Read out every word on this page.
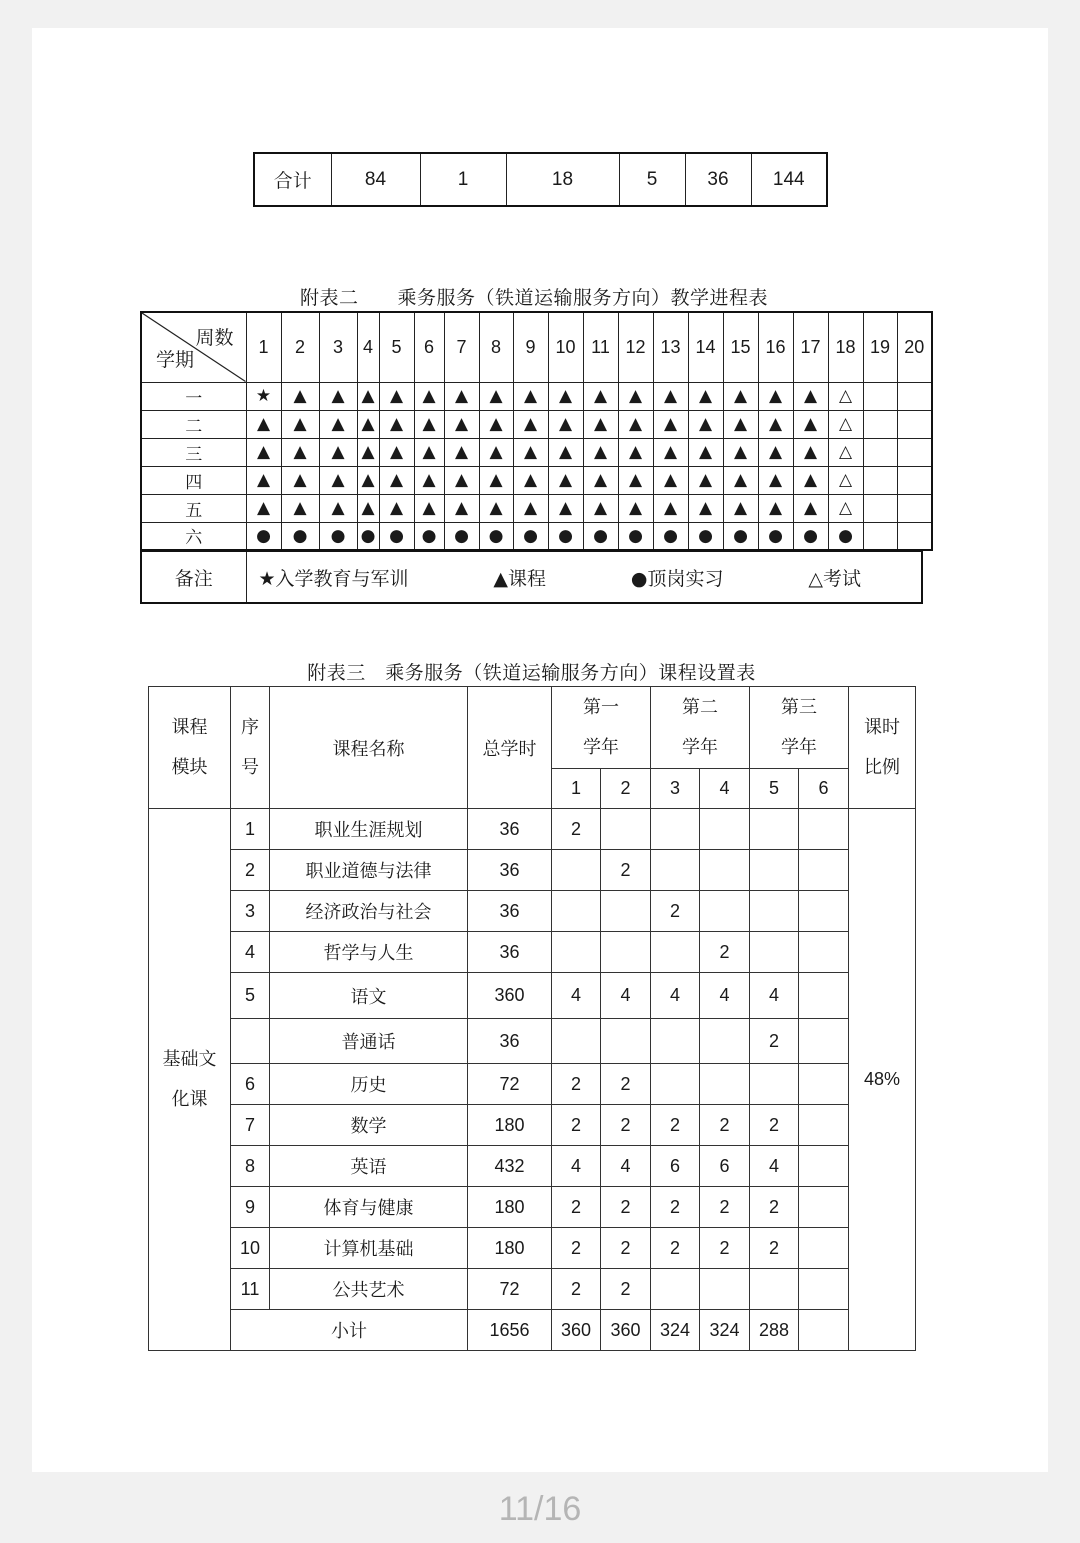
合计	84	1	18	5	36	144
附表二　　乘务服务（铁道运输服务方向）教学进程表
周数
学期	1	2	3	4	5	6	7	8	9	10	11	12	13	14	15	16	17	18	19	20
一	★	▲	▲	▲	▲	▲	▲	▲	▲	▲	▲	▲	▲	▲	▲	▲	▲	△		
二	▲	▲	▲	▲	▲	▲	▲	▲	▲	▲	▲	▲	▲	▲	▲	▲	▲	△		
三	▲	▲	▲	▲	▲	▲	▲	▲	▲	▲	▲	▲	▲	▲	▲	▲	▲	△		
四	▲	▲	▲	▲	▲	▲	▲	▲	▲	▲	▲	▲	▲	▲	▲	▲	▲	△		
五	▲	▲	▲	▲	▲	▲	▲	▲	▲	▲	▲	▲	▲	▲	▲	▲	▲	△		
六	●	●	●	●	●	●	●	●	●	●	●	●	●	●	●	●	●	●		
备注	★入学教育与军训	▲课程	●顶岗实习	△考试
附表三　乘务服务（铁道运输服务方向）课程设置表
课程模块	序号	课程名称	总学时	第一学年		第二学年		第三学年		课时比例

				1	2	3	4	5	6	
基础文化课	1	职业生涯规划	36	2						48%
	2	职业道德与法律	36		2					
	3	经济政治与社会	36			2				
	4	哲学与人生	36				2			
	5	语文	360	4	4	4	4	4		
		普通话	36					2		
	6	历史	72	2	2					
	7	数学	180	2	2	2	2	2		
	8	英语	432	4	4	6	6	4		
	9	体育与健康	180	2	2	2	2	2		
	10	计算机基础	180	2	2	2	2	2		
	11	公共艺术	72	2	2					
	小计		1656	360	360	324	324	288		
11/16
